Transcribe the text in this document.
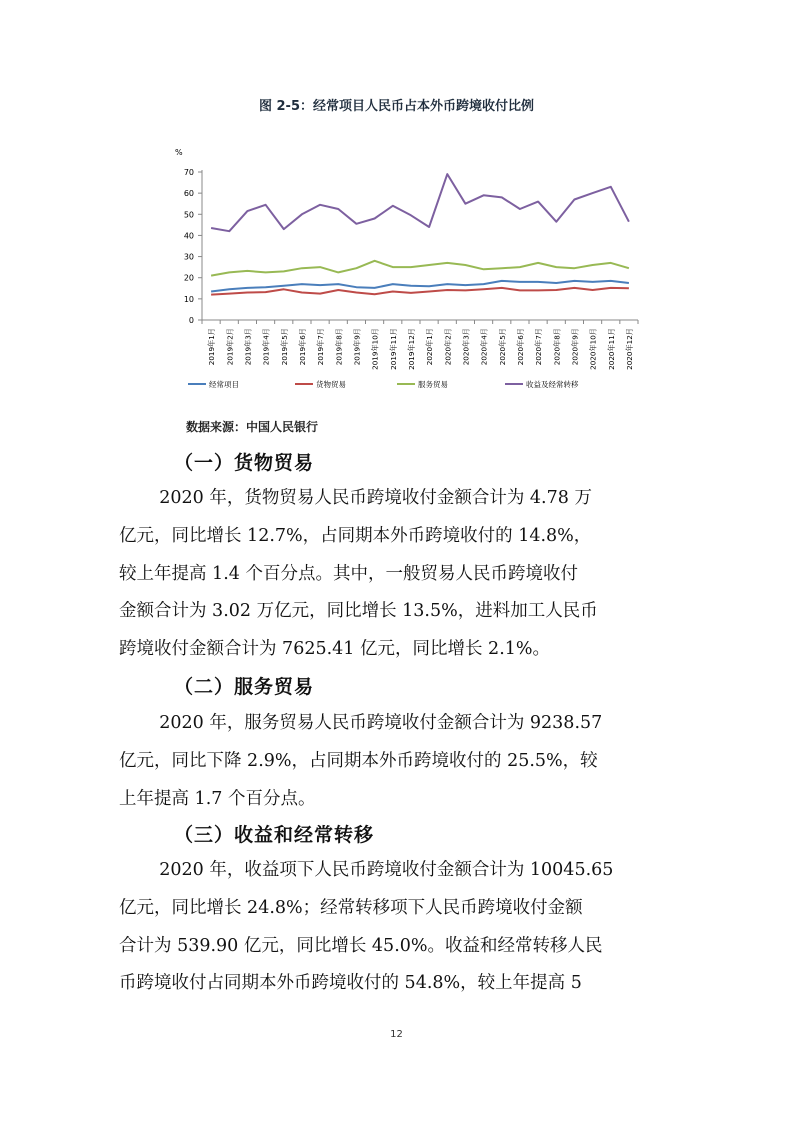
图 2-5：经常项目人民币占本外币跨境收付比例
%
0
10
20
30
40
50
60
70
2019年1月 2019年2月 2019年3月 2019年4月 2019年5月 2019年6月 2019年7月 2019年8月 2019年9月 2019年10月 2019年11月 2019年12月 2020年1月 2020年2月 2020年3月 2020年4月 2020年5月 2020年6月 2020年7月 2020年8月 2020年9月 2020年10月 2020年11月 2020年12月
经常项目	货物贸易	服务贸易	收益及经常转移
数据来源：中国人民银行
（一）货物贸易
2020 年，货物贸易人民币跨境收付金额合计为 4.78 万
亿元，同比增长 12.7%，占同期本外币跨境收付的 14.8%，
较上年提高 1.4 个百分点。其中，一般贸易人民币跨境收付
金额合计为 3.02 万亿元，同比增长 13.5%，进料加工人民币
跨境收付金额合计为 7625.41 亿元，同比增长 2.1%。
（二）服务贸易
2020 年，服务贸易人民币跨境收付金额合计为 9238.57
亿元，同比下降 2.9%，占同期本外币跨境收付的 25.5%，较
上年提高 1.7 个百分点。
（三）收益和经常转移
2020 年，收益项下人民币跨境收付金额合计为 10045.65
亿元，同比增长 24.8%；经常转移项下人民币跨境收付金额
合计为 539.90 亿元，同比增长 45.0%。收益和经常转移人民
币跨境收付占同期本外币跨境收付的 54.8%，较上年提高 5
12
